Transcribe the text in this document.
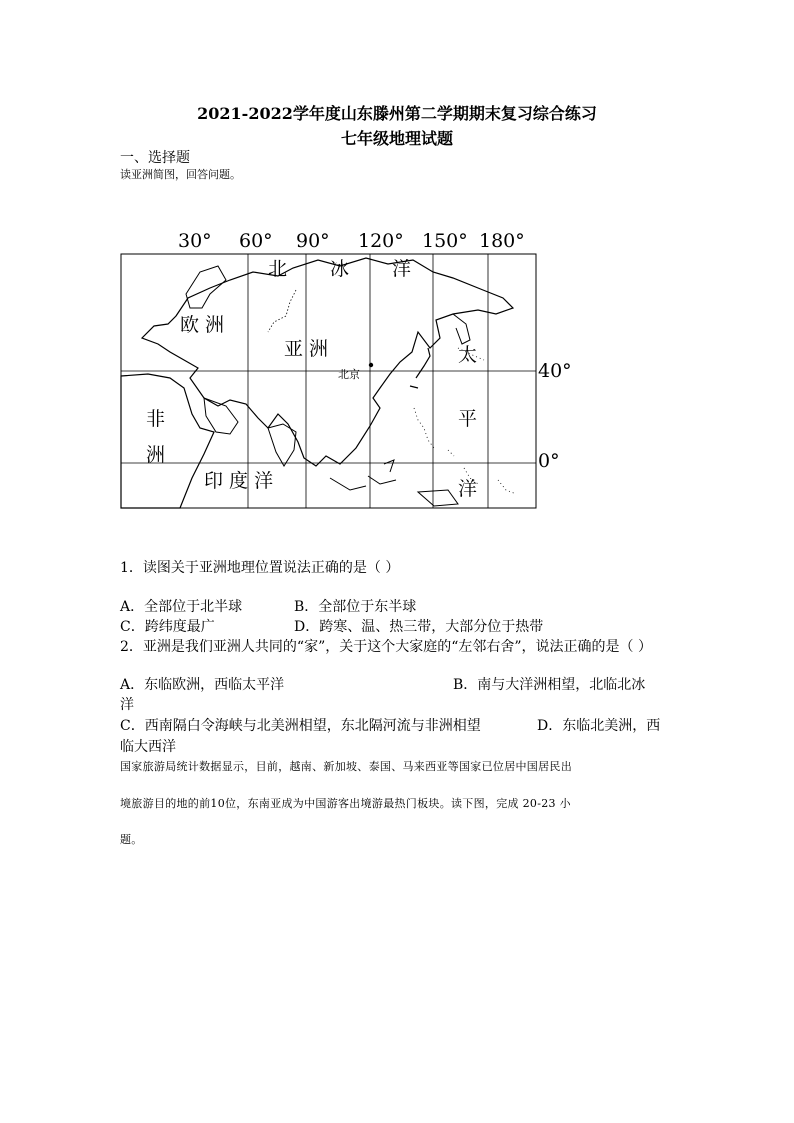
2021-2022学年度山东滕州第二学期期末复习综合练习
七年级地理试题
一、选择题
读亚洲简图，回答问题。
30° 60° 90° 120° 150° 180°
40°
0°
北 冰 洋
欧 洲
亚 洲
北京
太
平
洋
非
洲
印 度 洋
1．读图关于亚洲地理位置说法正确的是（ ）
A．全部位于北半球	B．全部位于东半球
C．跨纬度最广	D．跨寒、温、热三带，大部分位于热带
2．亚洲是我们亚洲人共同的“家”，关于这个大家庭的“左邻右舍”，说法正确的是（ ）
A．东临欧洲，西临太平洋	B．南与大洋洲相望，北临北冰
洋
C．西南隔白令海峡与北美洲相望，东北隔河流与非洲相望	D．东临北美洲，西
临大西洋
国家旅游局统计数据显示，目前，越南、新加坡、泰国、马来西亚等国家已位居中国居民出
境旅游目的地的前10位，东南亚成为中国游客出境游最热门板块。读下图，完成 20-23 小
题。
